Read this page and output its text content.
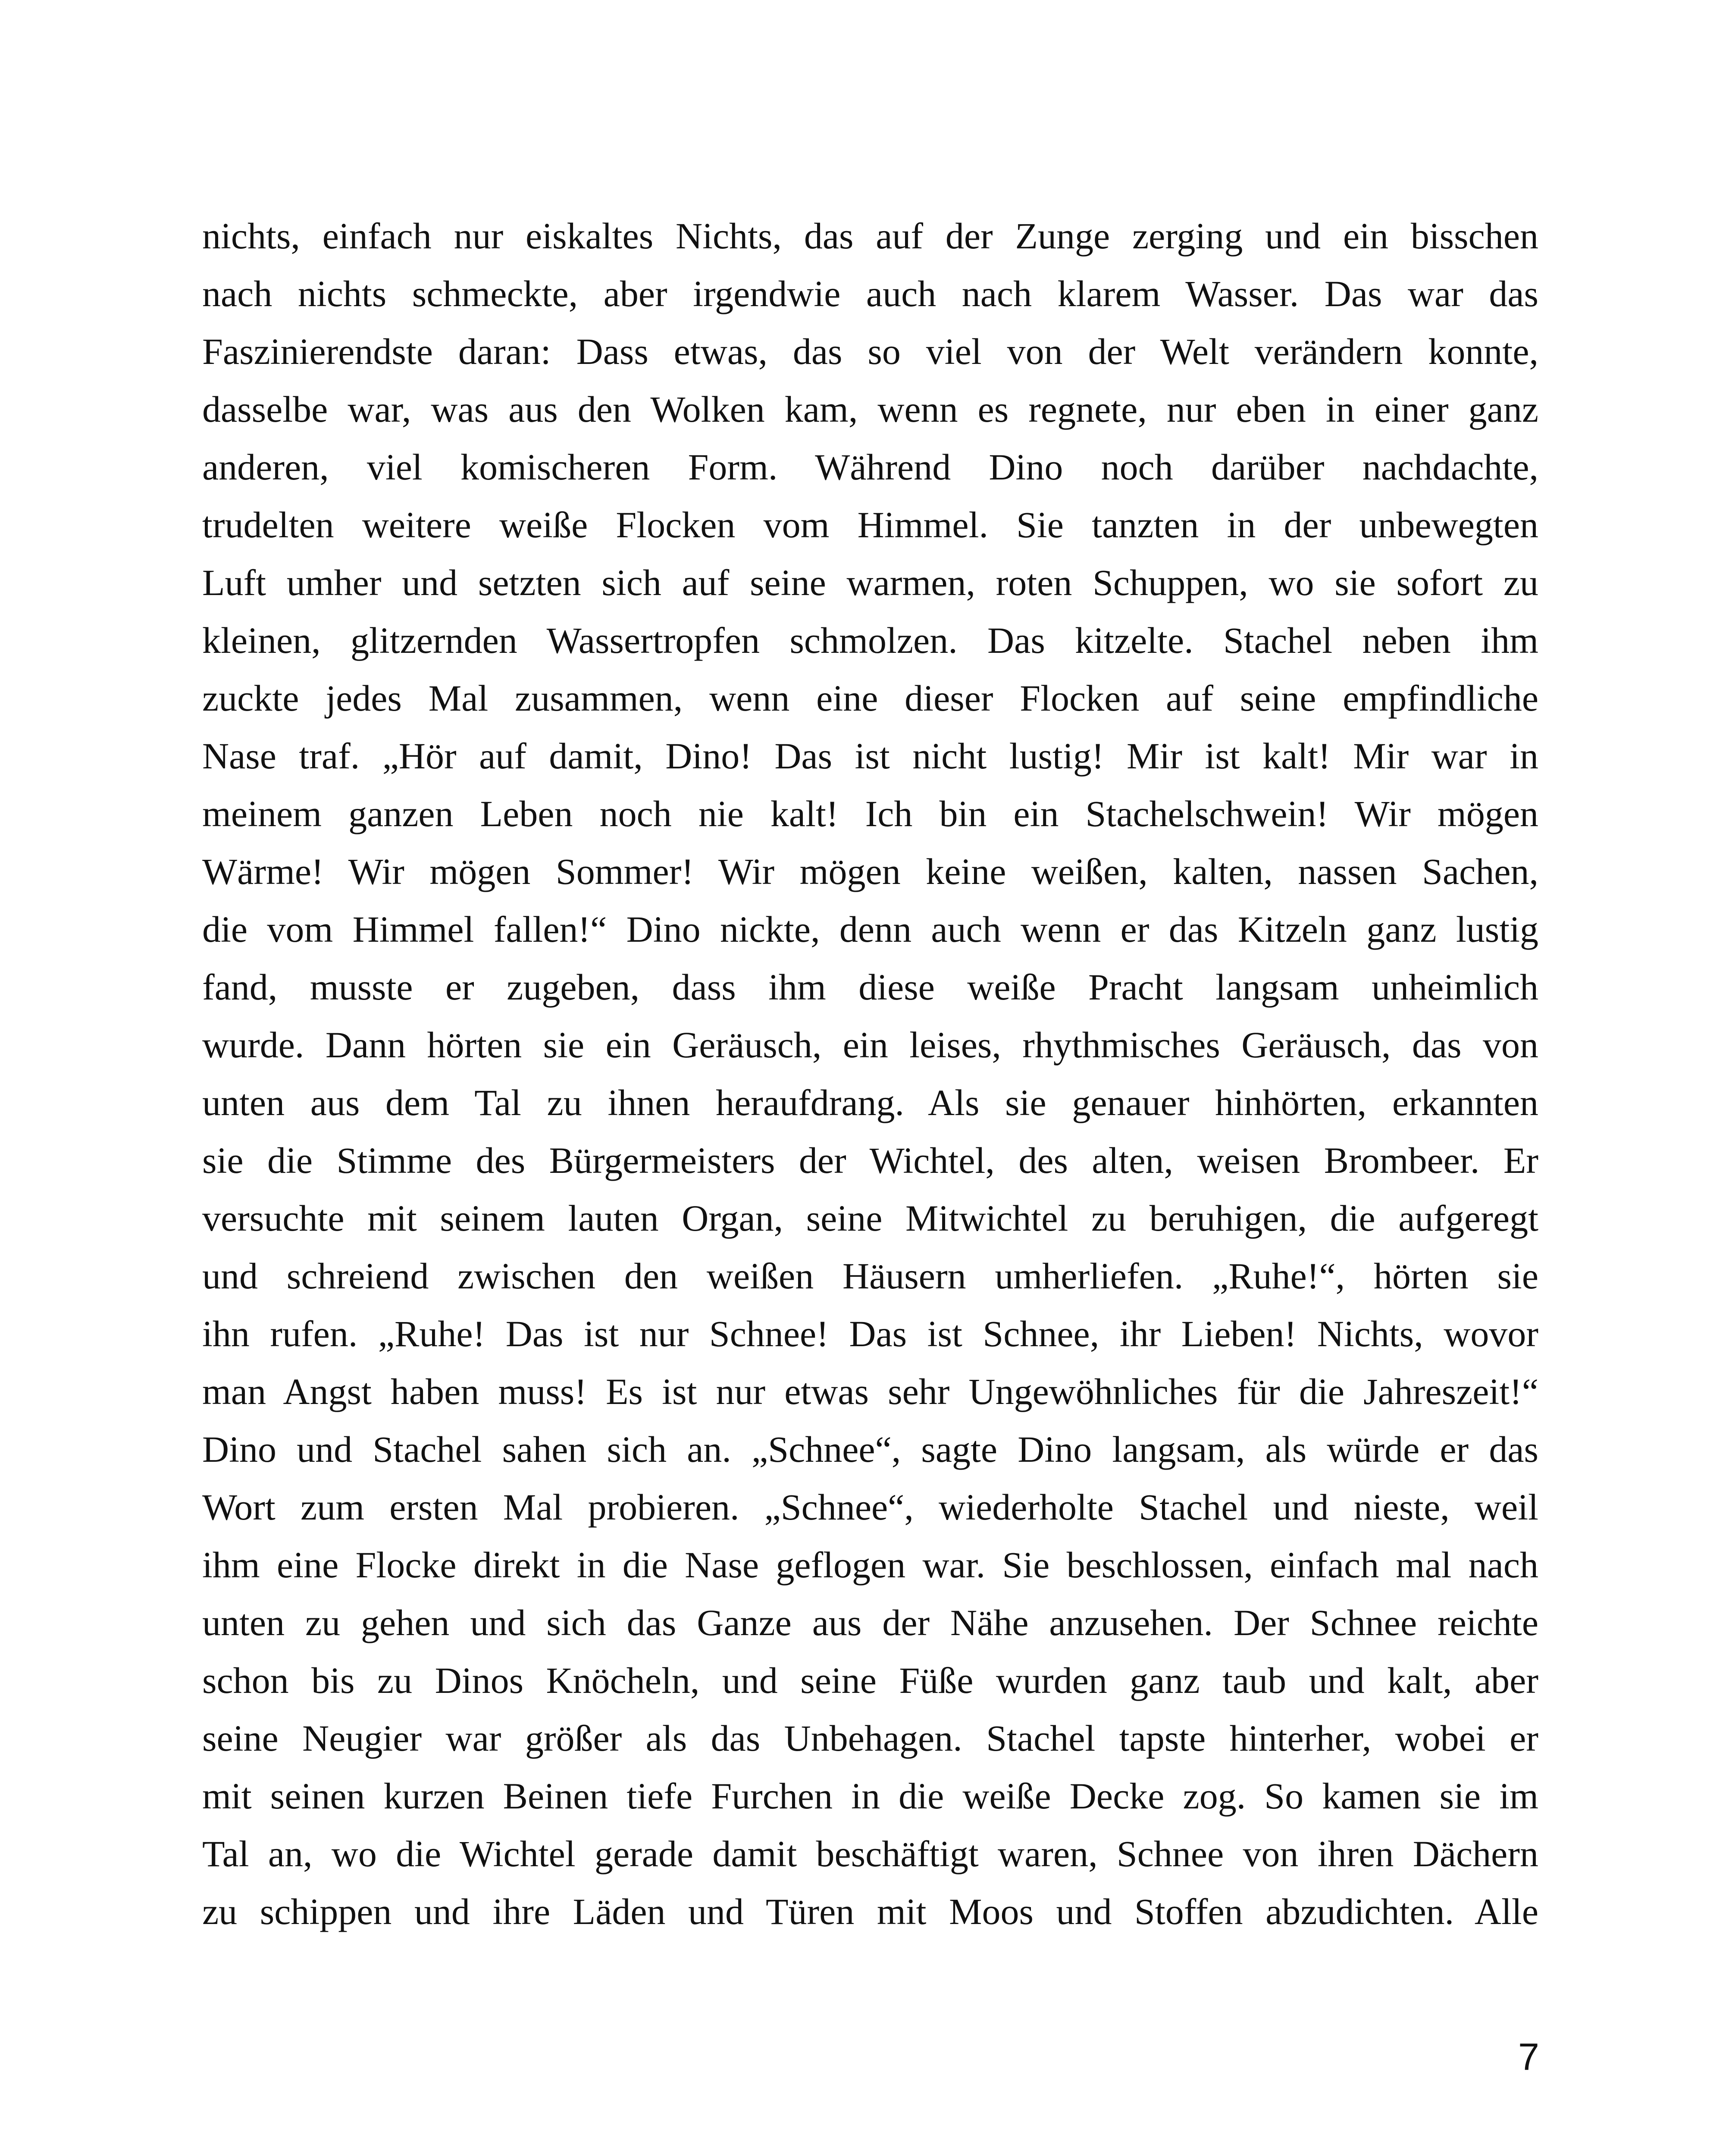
nichts, einfach nur eiskaltes Nichts, das auf der Zunge zerging und ein bisschen
nach nichts schmeckte, aber irgendwie auch nach klarem Wasser. Das war das
Faszinierendste daran: Dass etwas, das so viel von der Welt verändern konnte,
dasselbe war, was aus den Wolken kam, wenn es regnete, nur eben in einer ganz
anderen, viel komischeren Form. Während Dino noch darüber nachdachte,
trudelten weitere weiße Flocken vom Himmel. Sie tanzten in der unbewegten
Luft umher und setzten sich auf seine warmen, roten Schuppen, wo sie sofort zu
kleinen, glitzernden Wassertropfen schmolzen. Das kitzelte. Stachel neben ihm
zuckte jedes Mal zusammen, wenn eine dieser Flocken auf seine empfindliche
Nase traf. „Hör auf damit, Dino! Das ist nicht lustig! Mir ist kalt! Mir war in
meinem ganzen Leben noch nie kalt! Ich bin ein Stachelschwein! Wir mögen
Wärme! Wir mögen Sommer! Wir mögen keine weißen, kalten, nassen Sachen,
die vom Himmel fallen!“ Dino nickte, denn auch wenn er das Kitzeln ganz lustig
fand, musste er zugeben, dass ihm diese weiße Pracht langsam unheimlich
wurde. Dann hörten sie ein Geräusch, ein leises, rhythmisches Geräusch, das von
unten aus dem Tal zu ihnen heraufdrang. Als sie genauer hinhörten, erkannten
sie die Stimme des Bürgermeisters der Wichtel, des alten, weisen Brombeer. Er
versuchte mit seinem lauten Organ, seine Mitwichtel zu beruhigen, die aufgeregt
und schreiend zwischen den weißen Häusern umherliefen. „Ruhe!“, hörten sie
ihn rufen. „Ruhe! Das ist nur Schnee! Das ist Schnee, ihr Lieben! Nichts, wovor
man Angst haben muss! Es ist nur etwas sehr Ungewöhnliches für die Jahreszeit!“
Dino und Stachel sahen sich an. „Schnee“, sagte Dino langsam, als würde er das
Wort zum ersten Mal probieren. „Schnee“, wiederholte Stachel und nieste, weil
ihm eine Flocke direkt in die Nase geflogen war. Sie beschlossen, einfach mal nach
unten zu gehen und sich das Ganze aus der Nähe anzusehen. Der Schnee reichte
schon bis zu Dinos Knöcheln, und seine Füße wurden ganz taub und kalt, aber
seine Neugier war größer als das Unbehagen. Stachel tapste hinterher, wobei er
mit seinen kurzen Beinen tiefe Furchen in die weiße Decke zog. So kamen sie im
Tal an, wo die Wichtel gerade damit beschäftigt waren, Schnee von ihren Dächern
zu schippen und ihre Läden und Türen mit Moos und Stoffen abzudichten. Alle
7
